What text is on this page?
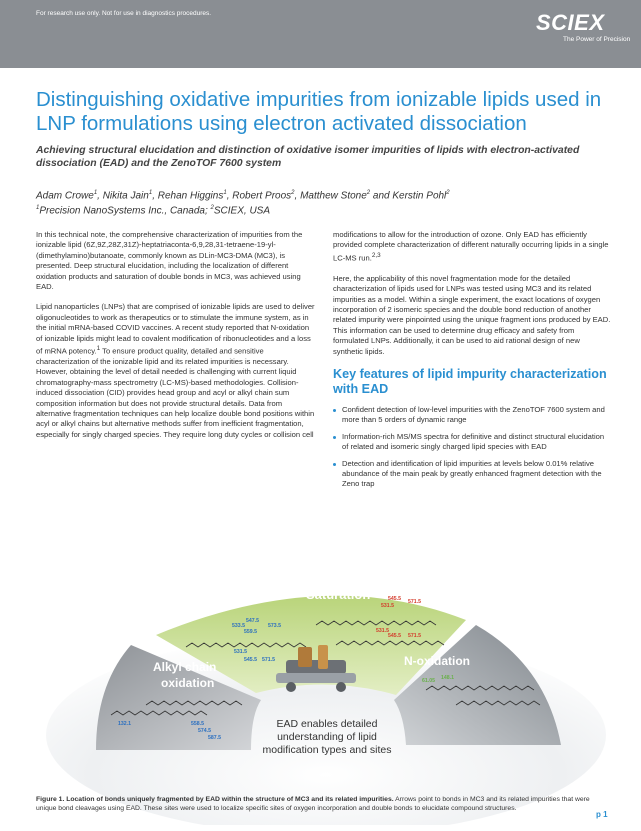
For research use only. Not for use in diagnostics procedures.	SCIEX
The Power of Precision
Distinguishing oxidative impurities from ionizable lipids used in LNP formulations using electron activated dissociation
Achieving structural elucidation and distinction of oxidative isomer impurities of lipids with electron-activated dissociation (EAD) and the ZenoTOF 7600 system
Adam Crowe$^1$, Nikita Jain$^1$, Rehan Higgins$^1$, Robert Proos$^2$, Matthew Stone$^2$ and Kerstin Pohl$^2$
$^1$Precision NanoSystems Inc., Canada; $^2$SCIEX, USA

In this technical note, the comprehensive characterization of impurities from the ionizable lipid (6Z,9Z,28Z,31Z)-heptatriaconta-6,9,28,31-tetraene-19-yl-(dimethylamino)butanoate, commonly known as DLin-MC3-DMA (MC3), is presented. Deep structural elucidation, including the localization of different oxidation products and saturation of double bonds in MC3, was achieved using EAD.

Lipid nanoparticles (LNPs) that are comprised of ionizable lipids are used to deliver oligonucleotides to work as therapeutics or to stimulate the immune system, as in the initial mRNA-based COVID vaccines. A recent study reported that N-oxidation of ionizable lipids might lead to covalent modification of ribonucleotides and a loss of mRNA potency.$^1$ To ensure product quality, detailed and sensitive characterization of the ionizable lipid and its related impurities is necessary. However, obtaining the level of detail needed is challenging with current liquid chromatography-mass spectrometry (LC-MS)-based methodologies. Collision-induced dissociation (CID) provides head group and acyl or alkyl chain sum composition information but does not provide structural details. Data from alternative fragmentation techniques can help localize double bond positions within acyl or alkyl chains but alternative methods suffer from inefficient fragmentation, especially for singly charged species. They require long duty cycles or collision cell

modifications to allow for the introduction of ozone. Only EAD has efficiently provided complete characterization of different naturally occurring lipids in a single LC-MS run.$^{2,3}$

Here, the applicability of this novel fragmentation mode for the detailed characterization of lipids used for LNPs was tested using MC3 and its related impurities as a model. Within a single experiment, the exact locations of oxygen incorporation of 2 isomeric species and the double bond reduction of another related impurity were pinpointed using the unique fragment ions produced by EAD. This information can be used to determine drug efficacy and safety from formulated LNPs. Additionally, it can be used to aid rational design of new synthetic lipids.

Key features of lipid impurity characterization with EAD
Confident detection of low-level impurities with the ZenoTOF 7600 system and more than 5 orders of dynamic range
Information-rich MS/MS spectra for definitive and distinct structural elucidation of related and isomeric singly charged lipid species with EAD
Detection and identification of lipid impurities at levels below 0.01% relative abundance of the main peak by greatly enhanced fragment detection with the Zeno trap
Saturation
Alkyl chain
oxidation
N-oxidation
533.5
547.5
573.5
559.5
531.5
545.5 571.5
531.5
545.5 571.5
545.5
531.5
571.5
132.1	558.5
574.5
587.5
61.05 148.1
EAD enables detailed
understanding of lipid
modification types and sites
Figure 1. Location of bonds uniquely fragmented by EAD within the structure of MC3 and its related impurities. Arrows point to bonds in MC3 and its related impurities that were unique bond cleavages using EAD. These sites were used to localize specific sites of oxygen incorporation and double bonds to elucidate compound structures.
p 1
